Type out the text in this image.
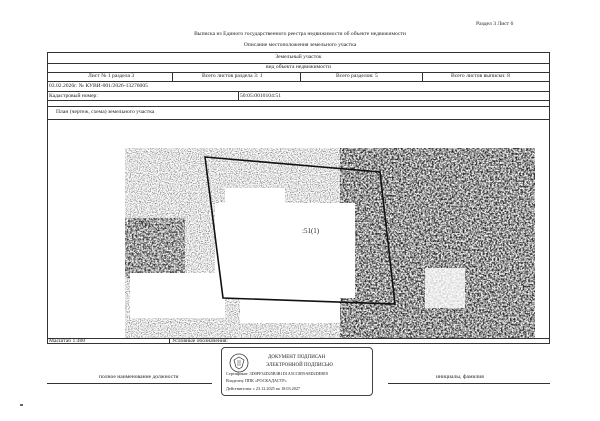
Раздел 3 Лист 6
Выписка из Единого государственного реестра недвижимости об объекте недвижимости
Описание местоположения земельного участка
Земельный участок
вид объекта недвижимости
Лист № 1 раздела 3	Всего листов раздела 3: 1	Всего разделов: 5	Всего листов выписки: 8
03.02.2026г. № КУВИ-001/2026-13276005
Кадастровый номер:	50:05:0010104:51
План (чертеж, схема) земельного участка
:51(1)
:67(1)
Масштаб 1:400	Условные обозначения:
полное наименование должности	инициалы, фамилия
ДОКУМЕНТ ПОДПИСАН
ЭЛЕКТРОННОЙ ПОДПИСЬЮ
Сертификат: 3D0FF34D25B3B1D1A5CCB59A8D2DE8E0
Владелец: ППК «РОСКАДАСТР»
Действителен: с 23.12.2025 по 18.03.2027
